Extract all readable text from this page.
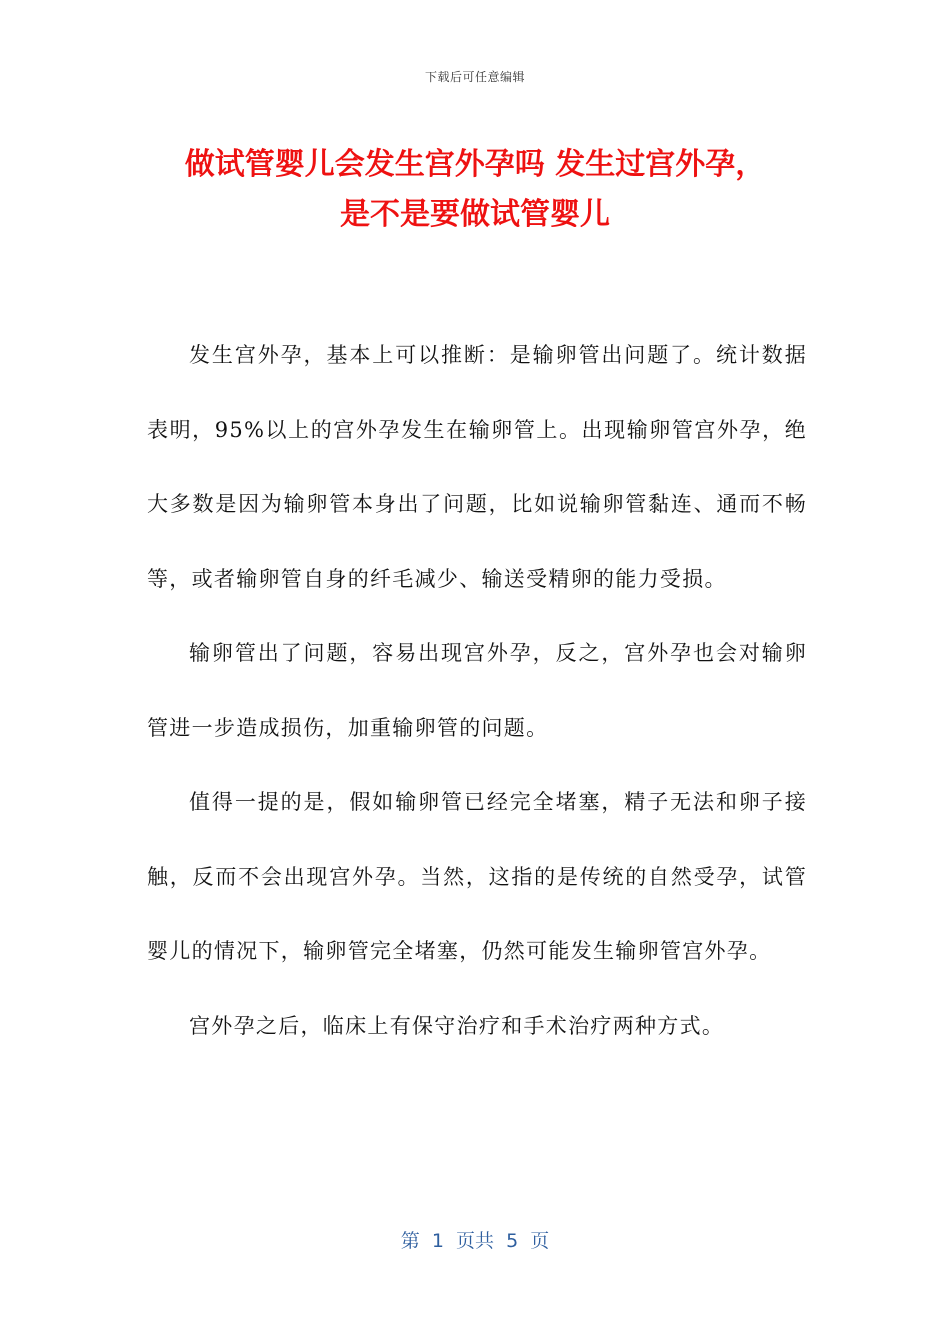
下载后可任意编辑
做试管婴儿会发生宫外孕吗 发生过宫外孕，
是不是要做试管婴儿

发生宫外孕，基本上可以推断：是输卵管出问题了。统计数据表明，95%以上的宫外孕发生在输卵管上。出现输卵管宫外孕，绝大多数是因为输卵管本身出了问题，比如说输卵管黏连、通而不畅等，或者输卵管自身的纤毛减少、输送受精卵的能力受损。

输卵管出了问题，容易出现宫外孕，反之，宫外孕也会对输卵管进一步造成损伤，加重输卵管的问题。

值得一提的是，假如输卵管已经完全堵塞，精子无法和卵子接触，反而不会出现宫外孕。当然，这指的是传统的自然受孕，试管婴儿的情况下，输卵管完全堵塞，仍然可能发生输卵管宫外孕。

宫外孕之后，临床上有保守治疗和手术治疗两种方式。

第  1  页共  5  页
